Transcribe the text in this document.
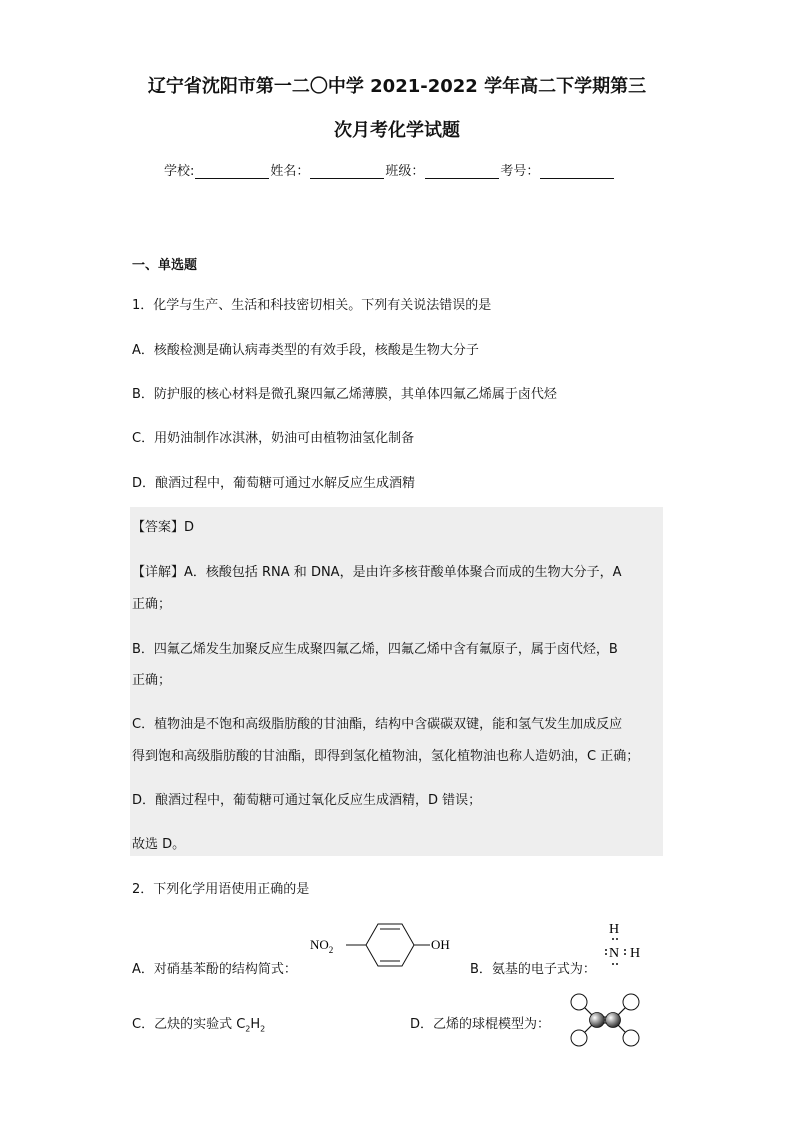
辽宁省沈阳市第一二〇中学 2021-2022 学年高二下学期第三
次月考化学试题
学校:	姓名：	班级：	考号：
一、单选题
1．化学与生产、生活和科技密切相关。下列有关说法错误的是
A．核酸检测是确认病毒类型的有效手段，核酸是生物大分子
B．防护服的核心材料是微孔聚四氟乙烯薄膜，其单体四氟乙烯属于卤代烃
C．用奶油制作冰淇淋，奶油可由植物油氢化制备
D．酿酒过程中，葡萄糖可通过水解反应生成酒精
【答案】D
【详解】A．核酸包括 RNA 和 DNA，是由许多核苷酸单体聚合而成的生物大分子，A
正确；
B．四氟乙烯发生加聚反应生成聚四氟乙烯，四氟乙烯中含有氟原子，属于卤代烃，B
正确；
C．植物油是不饱和高级脂肪酸的甘油酯，结构中含碳碳双键，能和氢气发生加成反应
得到饱和高级脂肪酸的甘油酯，即得到氢化植物油，氢化植物油也称人造奶油，C 正确；
D．酿酒过程中，葡萄糖可通过氧化反应生成酒精，D 错误；
故选 D。
2．下列化学用语使用正确的是
A．对硝基苯酚的结构简式：
$NO_2$	OH
B．氨基的电子式为：
H
N H
C．乙炔的实验式 $C_2H_2$	D．乙烯的球棍模型为：
